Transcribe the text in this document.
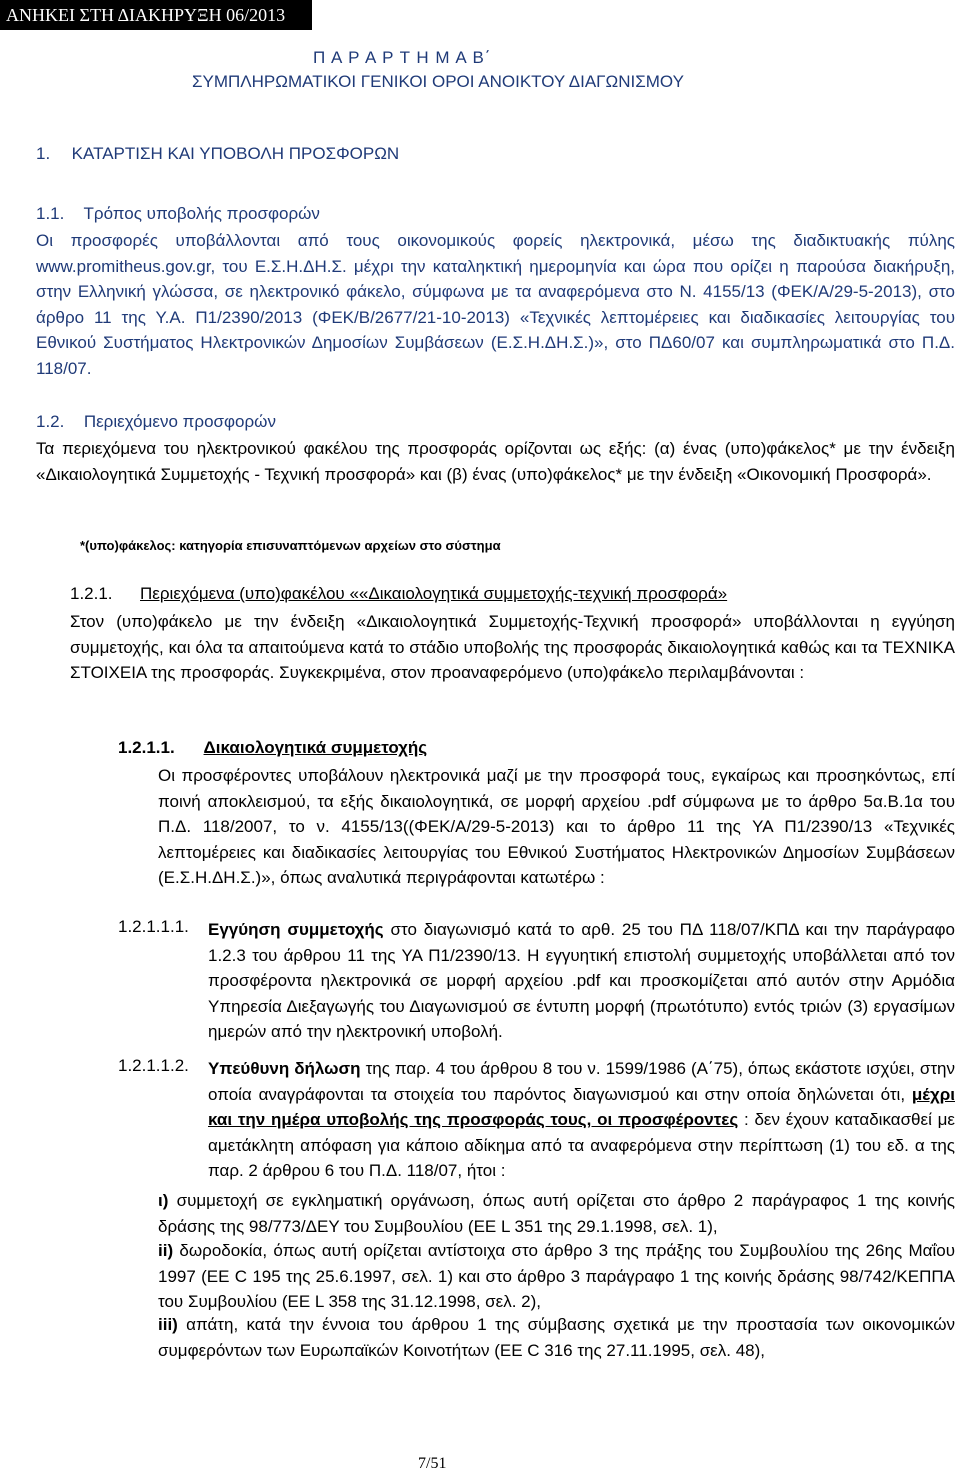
ΑΝΗΚΕΙ ΣΤΗ ΔΙΑΚΗΡΥΞΗ 06/2013
Π Α Ρ Α Ρ Τ Η Μ Α Β΄
ΣΥΜΠΛΗΡΩΜΑΤΙΚΟΙ ΓΕΝΙΚΟΙ ΟΡΟΙ ΑΝΟΙΚΤΟΥ ΔΙΑΓΩΝΙΣΜΟΥ
1. ΚΑΤΑΡΤΙΣΗ ΚΑΙ ΥΠΟΒΟΛΗ ΠΡΟΣΦΟΡΩΝ
1.1. Τρόπος υποβολής προσφορών
Οι προσφορές υποβάλλονται από τους οικονομικούς φορείς ηλεκτρονικά, μέσω της διαδικτυακής πύλης www.promitheus.gov.gr, του Ε.Σ.Η.ΔΗ.Σ. μέχρι την καταληκτική ημερομηνία και ώρα που ορίζει η παρούσα διακήρυξη, στην Ελληνική γλώσσα, σε ηλεκτρονικό φάκελο, σύμφωνα με τα αναφερόμενα στο Ν. 4155/13 (ΦΕΚ/Α/29-5-2013), στο άρθρο 11 της Υ.Α. Π1/2390/2013 (ΦΕΚ/Β/2677/21-10-2013) «Τεχνικές λεπτομέρειες και διαδικασίες λειτουργίας του Εθνικού Συστήματος Ηλεκτρονικών Δημοσίων Συμβάσεων (Ε.Σ.Η.ΔΗ.Σ.)», στο ΠΔ60/07 και συμπληρωματικά στο Π.Δ. 118/07.
1.2. Περιεχόμενο προσφορών
Τα περιεχόμενα του ηλεκτρονικού φακέλου της προσφοράς ορίζονται ως εξής: (α) ένας (υπο)φάκελος* με την ένδειξη «Δικαιολογητικά Συμμετοχής - Τεχνική προσφορά» και (β) ένας (υπο)φάκελος* με την ένδειξη «Οικονομική Προσφορά».
*(υπο)φάκελος: κατηγορία επισυναπτόμενων αρχείων στο σύστημα
1.2.1. Περιεχόμενα (υπο)φακέλου ««Δικαιολογητικά συμμετοχής-τεχνική προσφορά»
Στον (υπο)φάκελο με την ένδειξη «Δικαιολογητικά Συμμετοχής-Τεχνική προσφορά» υποβάλλονται η εγγύηση συμμετοχής, και όλα τα απαιτούμενα κατά το στάδιο υποβολής της προσφοράς δικαιολογητικά καθώς και τα ΤΕΧΝΙΚΑ ΣΤΟΙΧΕΙΑ της προσφοράς. Συγκεκριμένα, στον προαναφερόμενο (υπο)φάκελο περιλαμβάνονται :
1.2.1.1. Δικαιολογητικά συμμετοχής
Οι προσφέροντες υποβάλουν ηλεκτρονικά μαζί με την προσφορά τους, εγκαίρως και προσηκόντως, επί ποινή αποκλεισμού, τα εξής δικαιολογητικά, σε μορφή αρχείου .pdf σύμφωνα με το άρθρο 5α.Β.1α του Π.Δ. 118/2007, το ν. 4155/13((ΦΕΚ/Α/29-5-2013) και το άρθρο 11 της ΥΑ Π1/2390/13 «Τεχνικές λεπτομέρειες και διαδικασίες λειτουργίας του Εθνικού Συστήματος Ηλεκτρονικών Δημοσίων Συμβάσεων (Ε.Σ.Η.ΔΗ.Σ.)», όπως αναλυτικά περιγράφονται κατωτέρω :
1.2.1.1.1. Εγγύηση συμμετοχής στο διαγωνισμό κατά το αρθ. 25 του ΠΔ 118/07/ΚΠΔ και την παράγραφο 1.2.3 του άρθρου 11 της ΥΑ Π1/2390/13. Η εγγυητική επιστολή συμμετοχής υποβάλλεται από τον προσφέροντα ηλεκτρονικά σε μορφή αρχείου .pdf και προσκομίζεται από αυτόν στην Αρμόδια Υπηρεσία Διεξαγωγής του Διαγωνισμού σε έντυπη μορφή (πρωτότυπο) εντός τριών (3) εργασίμων ημερών από την ηλεκτρονική υποβολή.
1.2.1.1.2. Υπεύθυνη δήλωση της παρ. 4 του άρθρου 8 του ν. 1599/1986 (Α΄75), όπως εκάστοτε ισχύει, στην οποία αναγράφονται τα στοιχεία του παρόντος διαγωνισμού και στην οποία δηλώνεται ότι, μέχρι και την ημέρα υποβολής της προσφοράς τους, οι προσφέροντες : δεν έχουν καταδικασθεί με αμετάκλητη απόφαση για κάποιο αδίκημα από τα αναφερόμενα στην περίπτωση (1) του εδ. α της παρ. 2 άρθρου 6 του Π.Δ. 118/07, ήτοι :
ι) συμμετοχή σε εγκληματική οργάνωση, όπως αυτή ορίζεται στο άρθρο 2 παράγραφος 1 της κοινής δράσης της 98/773/ΔΕΥ του Συμβουλίου (ΕΕ L 351 της 29.1.1998, σελ. 1),
ii) δωροδοκία, όπως αυτή ορίζεται αντίστοιχα στο άρθρο 3 της πράξης του Συμβουλίου της 26ης Μαΐου 1997 (ΕΕ C 195 της 25.6.1997, σελ. 1) και στο άρθρο 3 παράγραφο 1 της κοινής δράσης 98/742/ΚΕΠΠΑ του Συμβουλίου (ΕΕ L 358 της 31.12.1998, σελ. 2),
iii) απάτη, κατά την έννοια του άρθρου 1 της σύμβασης σχετικά με την προστασία των οικονομικών συμφερόντων των Ευρωπαϊκών Κοινοτήτων (ΕΕ C 316 της 27.11.1995, σελ. 48),
7/51
